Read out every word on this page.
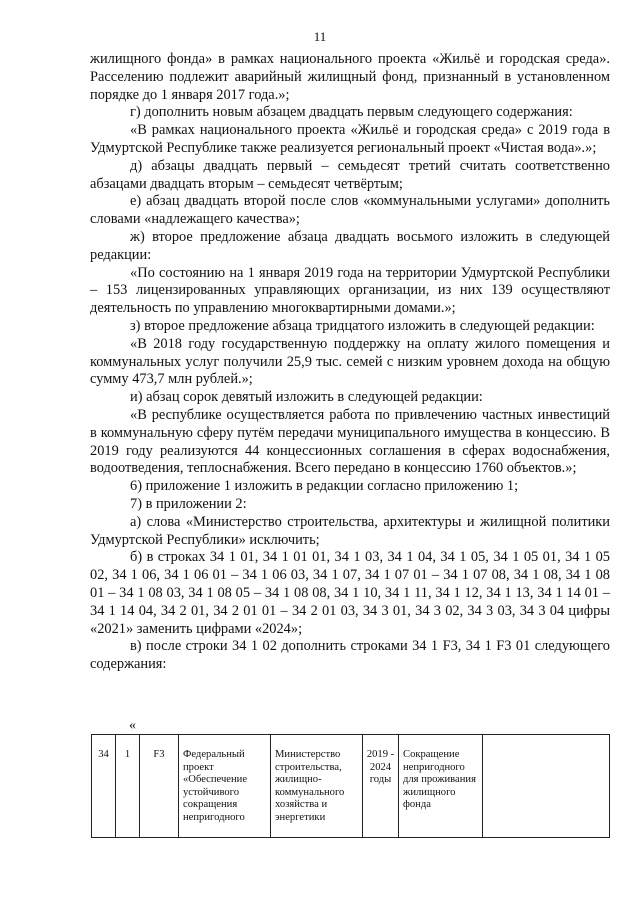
11

жилищного фонда» в рамках национального проекта «Жильё и городская среда». Расселению подлежит аварийный жилищный фонд, признанный в установленном порядке до 1 января 2017 года.»;

г) дополнить новым абзацем двадцать первым следующего содержания:

«В рамках национального проекта «Жильё и городская среда» с 2019 года в Удмуртской Республике также реализуется региональный проект «Чистая вода».»;

д) абзацы двадцать первый – семьдесят третий считать соответственно абзацами двадцать вторым – семьдесят четвёртым;

е) абзац двадцать второй после слов «коммунальными услугами» дополнить словами «надлежащего качества»;

ж) второе предложение абзаца двадцать восьмого изложить в следующей редакции:

«По состоянию на 1 января 2019 года на территории Удмуртской Республики – 153 лицензированных управляющих организации, из них 139 осуществляют деятельность по управлению многоквартирными домами.»;

з) второе предложение абзаца тридцатого изложить в следующей редакции:

«В 2018 году государственную поддержку на оплату жилого помещения и коммунальных услуг получили 25,9 тыс. семей с низким уровнем дохода на общую сумму 473,7 млн рублей.»;

и) абзац сорок девятый изложить в следующей редакции:

«В республике осуществляется работа по привлечению частных инвестиций в коммунальную сферу путём передачи муниципального имущества в концессию. В 2019 году реализуются 44 концессионных соглашения в сферах водоснабжения, водоотведения, теплоснабжения. Всего передано в концессию 1760 объектов.»;

6) приложение 1 изложить в редакции согласно приложению 1;

7) в приложении 2:

а) слова «Министерство строительства, архитектуры и жилищной политики Удмуртской Республики» исключить;

б) в строках 34 1 01, 34 1 01 01, 34 1 03, 34 1 04, 34 1 05, 34 1 05 01, 34 1 05 02, 34 1 06, 34 1 06 01 – 34 1 06 03, 34 1 07, 34 1 07 01 – 34 1 07 08, 34 1 08, 34 1 08 01 – 34 1 08 03, 34 1 08 05 – 34 1 08 08, 34 1 10, 34 1 11, 34 1 12, 34 1 13, 34 1 14 01 – 34 1 14 04, 34 2 01, 34 2 01 01 – 34 2 01 03, 34 3 01, 34 3 02, 34 3 03, 34 3 04 цифры «2021» заменить цифрами «2024»;

в) после строки 34 1 02 дополнить строками 34 1 F3, 34 1 F3 01 следующего содержания:

«
34	1	F3	Федеральный проект «Обеспечение устойчивого сокращения непригодного	Министерство строительства, жилищно-коммунального хозяйства и энергетики	2019 - 2024 годы	Сокращение непригодного для проживания жилищного фонда	
